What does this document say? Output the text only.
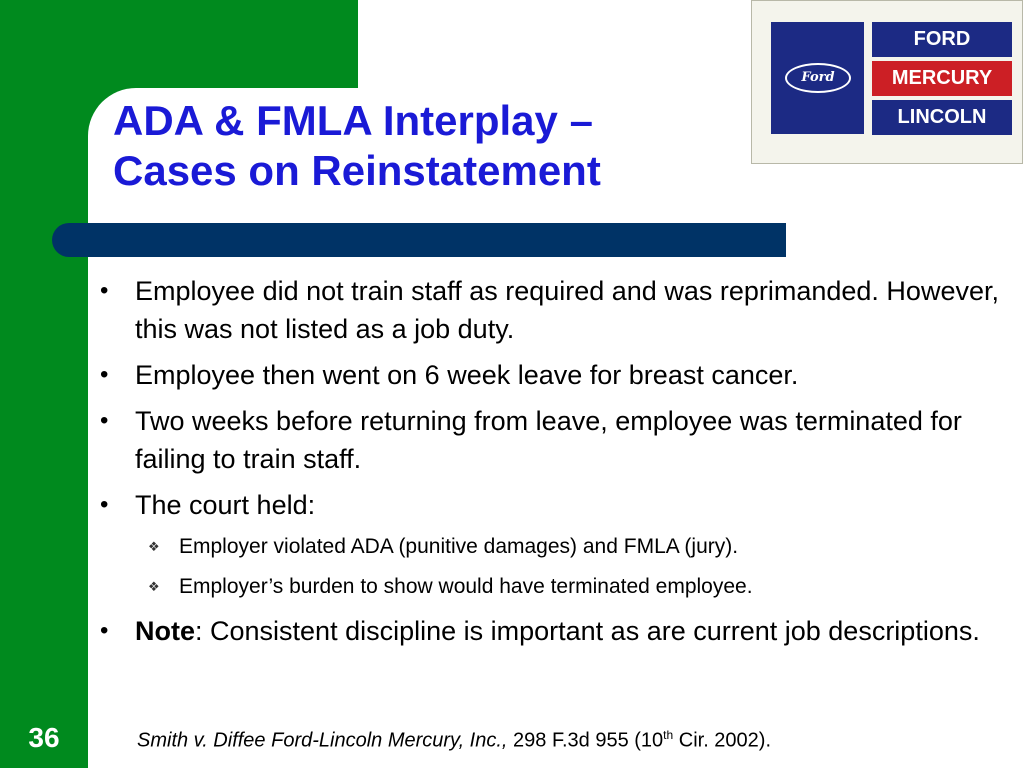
ADA & FMLA Interplay –
Cases on Reinstatement
Ford
FORD
MERCURY
LINCOLN
• Employee did not train staff as required and was reprimanded. However, this was not listed as a job duty.
• Employee then went on 6 week leave for breast cancer.
• Two weeks before returning from leave, employee was terminated for failing to train staff.
• The court held:
❖ Employer violated ADA (punitive damages) and FMLA (jury).
❖ Employer’s burden to show would have terminated employee.
• Note: Consistent discipline is important as are current job descriptions.
Smith v. Diffee Ford-Lincoln Mercury, Inc., 298 F.3d 955 (10th Cir. 2002).
36
